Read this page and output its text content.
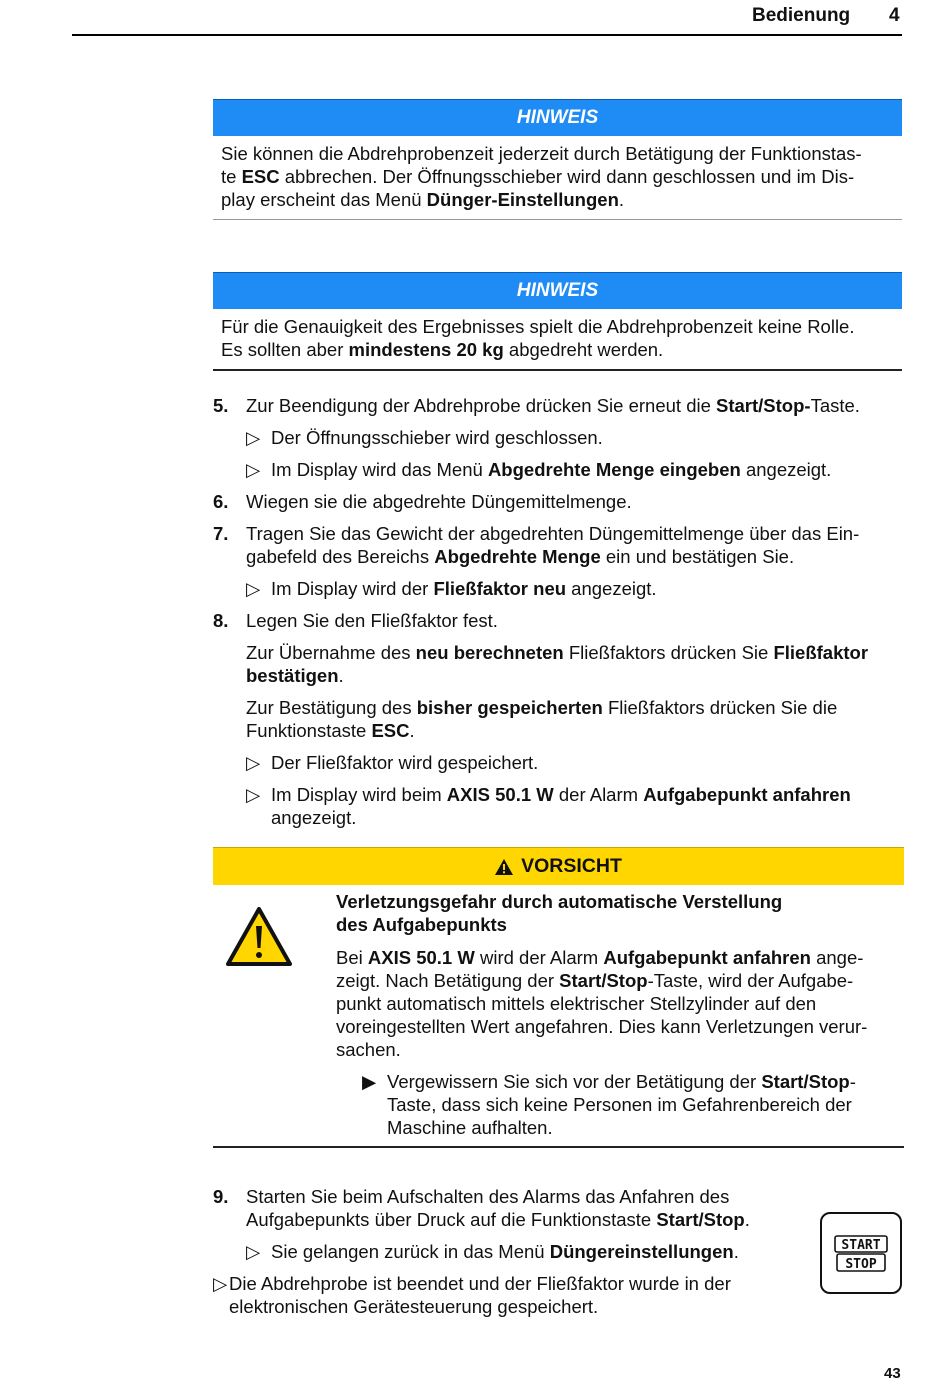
Bedienung 4
HINWEIS
Sie können die Abdrehprobenzeit jederzeit durch Betätigung der Funktionstas-
te ESC abbrechen. Der Öffnungsschieber wird dann geschlossen und im Dis-
play erscheint das Menü Dünger-Einstellungen.
HINWEIS
Für die Genauigkeit des Ergebnisses spielt die Abdrehprobenzeit keine Rolle.
Es sollten aber mindestens 20 kg abgedreht werden.
5. Zur Beendigung der Abdrehprobe drücken Sie erneut die Start/Stop-Taste.
▷ Der Öffnungsschieber wird geschlossen.
▷ Im Display wird das Menü Abgedrehte Menge eingeben angezeigt.
6. Wiegen sie die abgedrehte Düngemittelmenge.
7. Tragen Sie das Gewicht der abgedrehten Düngemittelmenge über das Ein-
gabefeld des Bereichs Abgedrehte Menge ein und bestätigen Sie.
▷ Im Display wird der Fließfaktor neu angezeigt.
8. Legen Sie den Fließfaktor fest.
Zur Übernahme des neu berechneten Fließfaktors drücken Sie Fließfaktor
bestätigen.
Zur Bestätigung des bisher gespeicherten Fließfaktors drücken Sie die
Funktionstaste ESC.
▷ Der Fließfaktor wird gespeichert.
▷ Im Display wird beim AXIS 50.1 W der Alarm Aufgabepunkt anfahren
angezeigt.
VORSICHT
Verletzungsgefahr durch automatische Verstellung
des Aufgabepunkts
Bei AXIS 50.1 W wird der Alarm Aufgabepunkt anfahren ange-
zeigt. Nach Betätigung der Start/Stop-Taste, wird der Aufgabe-
punkt automatisch mittels elektrischer Stellzylinder auf den
voreingestellten Wert angefahren. Dies kann Verletzungen verur-
sachen.
▶ Vergewissern Sie sich vor der Betätigung der Start/Stop-
Taste, dass sich keine Personen im Gefahrenbereich der
Maschine aufhalten.
9. Starten Sie beim Aufschalten des Alarms das Anfahren des
Aufgabepunkts über Druck auf die Funktionstaste Start/Stop.
▷ Sie gelangen zurück in das Menü Düngereinstellungen.
▷ Die Abdrehprobe ist beendet und der Fließfaktor wurde in der
elektronischen Gerätesteuerung gespeichert.
START
STOP
43
